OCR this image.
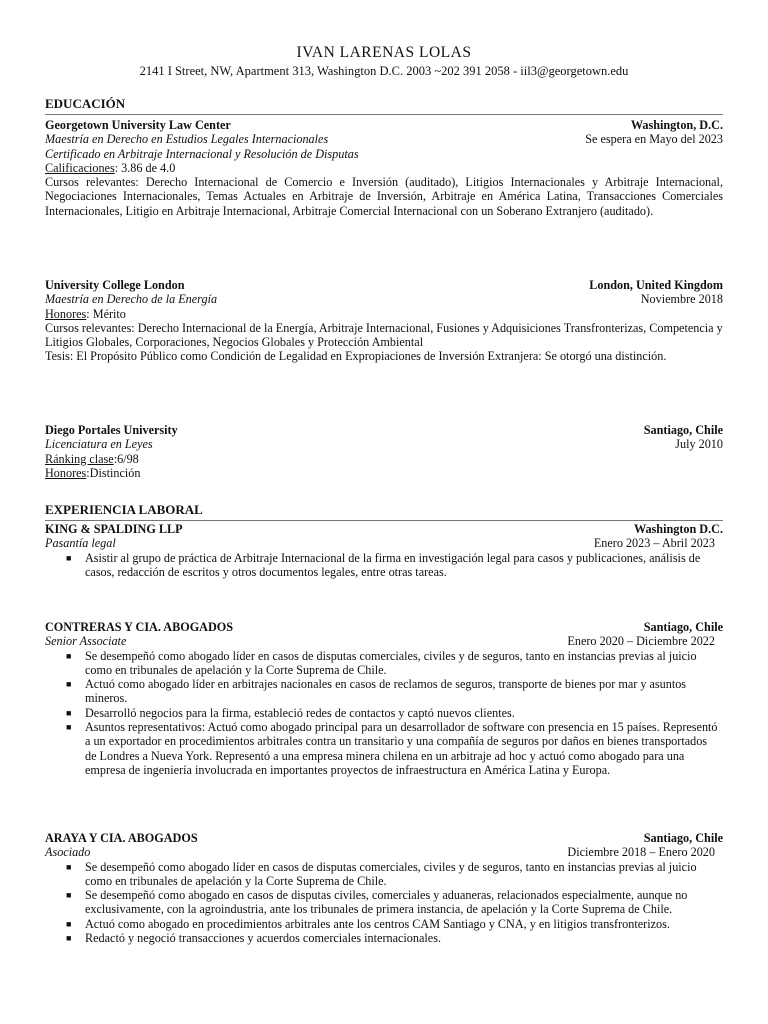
IVAN LARENAS LOLAS
2141 I Street, NW, Apartment 313, Washington D.C. 2003 ~202 391 2058 - iil3@georgetown.edu
EDUCACIÓN
Georgetown University Law Center	Washington, D.C.
Maestría en Derecho en Estudios Legales Internacionales	Se espera en Mayo del 2023
Certificado en Arbitraje Internacional y Resolución de Disputas
Calificaciones: 3.86 de 4.0
Cursos relevantes: Derecho Internacional de Comercio e Inversión (auditado), Litigios Internacionales y Arbitraje Internacional, Negociaciones Internacionales, Temas Actuales en Arbitraje de Inversión, Arbitraje en América Latina, Transacciones Comerciales Internacionales, Litigio en Arbitraje Internacional, Arbitraje Comercial Internacional con un Soberano Extranjero (auditado).
University College London	London, United Kingdom
Maestría en Derecho de la Energía	Noviembre 2018
Honores: Mérito
Cursos relevantes: Derecho Internacional de la Energía, Arbitraje Internacional, Fusiones y Adquisiciones Transfronterizas, Competencia y Litigios Globales, Corporaciones, Negocios Globales y Protección Ambiental
Tesis: El Propósito Público como Condición de Legalidad en Expropiaciones de Inversión Extranjera: Se otorgó una distinción.
Diego Portales University	Santiago, Chile
Licenciatura en Leyes	July 2010
Ránking clase:6/98
Honores:Distinción
EXPERIENCIA LABORAL
KING & SPALDING LLP	Washington D.C.
Pasantía legal	Enero 2023 – Abril 2023
■ Asistir al grupo de práctica de Arbitraje Internacional de la firma en investigación legal para casos y publicaciones, análisis de casos, redacción de escritos y otros documentos legales, entre otras tareas.
CONTRERAS Y CIA. ABOGADOS	Santiago, Chile
Senior Associate	Enero 2020 – Diciembre 2022
■ Se desempeñó como abogado líder en casos de disputas comerciales, civiles y de seguros, tanto en instancias previas al juicio como en tribunales de apelación y la Corte Suprema de Chile.
■ Actuó como abogado líder en arbitrajes nacionales en casos de reclamos de seguros, transporte de bienes por mar y asuntos mineros.
■ Desarrolló negocios para la firma, estableció redes de contactos y captó nuevos clientes.
■ Asuntos representativos: Actuó como abogado principal para un desarrollador de software con presencia en 15 países. Representó a un exportador en procedimientos arbitrales contra un transitario y una compañía de seguros por daños en bienes transportados de Londres a Nueva York. Representó a una empresa minera chilena en un arbitraje ad hoc y actuó como abogado para una empresa de ingeniería involucrada en importantes proyectos de infraestructura en América Latina y Europa.
ARAYA Y CIA. ABOGADOS	Santiago, Chile
Asociado	Diciembre 2018 – Enero 2020
■ Se desempeñó como abogado líder en casos de disputas comerciales, civiles y de seguros, tanto en instancias previas al juicio como en tribunales de apelación y la Corte Suprema de Chile.
■ Se desempeñó como abogado en casos de disputas civiles, comerciales y aduaneras, relacionados especialmente, aunque no exclusivamente, con la agroindustria, ante los tribunales de primera instancia, de apelación y la Corte Suprema de Chile.
■ Actuó como abogado en procedimientos arbitrales ante los centros CAM Santiago y CNA, y en litigios transfronterizos.
■ Redactó y negoció transacciones y acuerdos comerciales internacionales.
